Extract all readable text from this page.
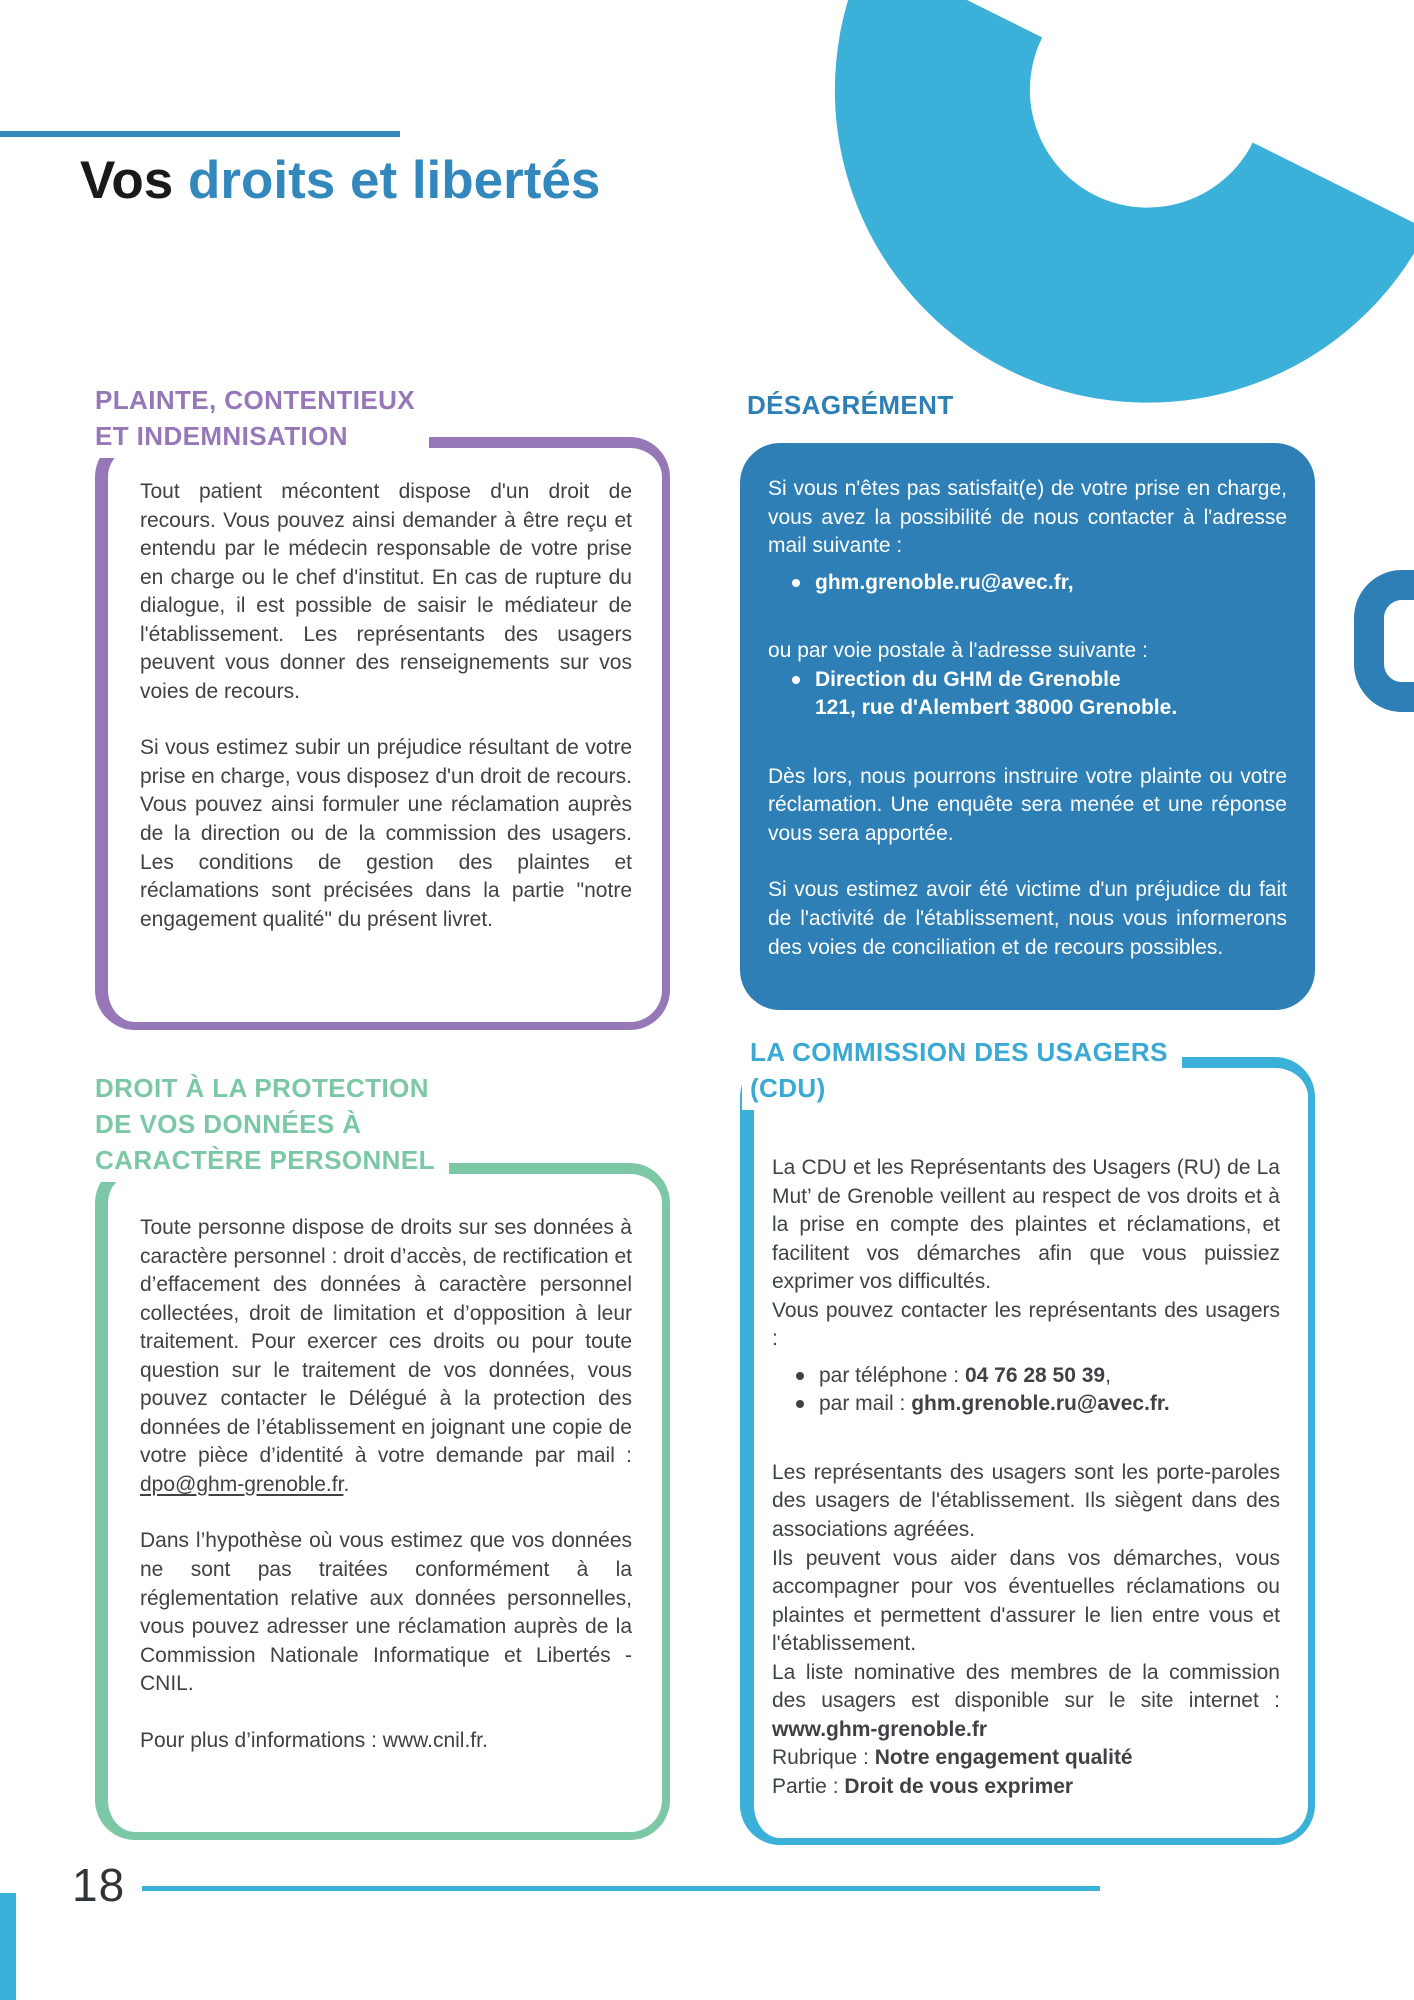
Vos droits et libertés
PLAINTE, CONTENTIEUX
ET INDEMNISATION

Tout patient mécontent dispose d'un droit de recours. Vous pouvez ainsi demander à être reçu et entendu par le médecin responsable de votre prise en charge ou le chef d'institut. En cas de rupture du dialogue, il est possible de saisir le médiateur de l'établissement. Les représentants des usagers peuvent vous donner des renseignements sur vos voies de recours.

Si vous estimez subir un préjudice résultant de votre prise en charge, vous disposez d'un droit de recours. Vous pouvez ainsi formuler une réclamation auprès de la direction ou de la commission des usagers. Les conditions de gestion des plaintes et réclamations sont précisées dans la partie "notre engagement qualité" du présent livret.

DROIT À LA PROTECTION
DE VOS DONNÉES À
CARACTÈRE PERSONNEL

Toute personne dispose de droits sur ses données à caractère personnel : droit d’accès, de rectification et d’effacement des données à caractère personnel collectées, droit de limitation et d’opposition à leur traitement. Pour exercer ces droits ou pour toute question sur le traitement de vos données, vous pouvez contacter le Délégué à la protection des données de l’établissement en joignant une copie de votre pièce d’identité à votre demande par mail : dpo@ghm-grenoble.fr.

Dans l’hypothèse où vous estimez que vos données ne sont pas traitées conformément à la réglementation relative aux données personnelles, vous pouvez adresser une réclamation auprès de la Commission Nationale Informatique et Libertés - CNIL.

Pour plus d’informations : www.cnil.fr.

DÉSAGRÉMENT

Si vous n'êtes pas satisfait(e) de votre prise en charge, vous avez la possibilité de nous contacter à l'adresse mail suivante :

ghm.grenoble.ru@avec.fr,

ou par voie postale à l'adresse suivante :

Direction du GHM de Grenoble
121, rue d'Alembert 38000 Grenoble.

Dès lors, nous pourrons instruire votre plainte ou votre réclamation. Une enquête sera menée et une réponse vous sera apportée.

Si vous estimez avoir été victime d'un préjudice du fait de l'activité de l'établissement, nous vous informerons des voies de conciliation et de recours possibles.

LA COMMISSION DES USAGERS
(CDU)

La CDU et les Représentants des Usagers (RU) de La Mut’ de Grenoble veillent au respect de vos droits et à la prise en compte des plaintes et réclamations, et facilitent vos démarches afin que vous puissiez exprimer vos difficultés.

Vous pouvez contacter les représentants des usagers :

par téléphone : 04 76 28 50 39,
par mail : ghm.grenoble.ru@avec.fr.

Les représentants des usagers sont les porte-paroles des usagers de l'établissement. Ils siègent dans des associations agréées.

Ils peuvent vous aider dans vos démarches, vous accompagner pour vos éventuelles réclamations ou plaintes et permettent d'assurer le lien entre vous et l'établissement.

La liste nominative des membres de la commission des usagers est disponible sur le site internet : www.ghm-grenoble.fr

Rubrique : Notre engagement qualité

Partie : Droit de vous exprimer

18
